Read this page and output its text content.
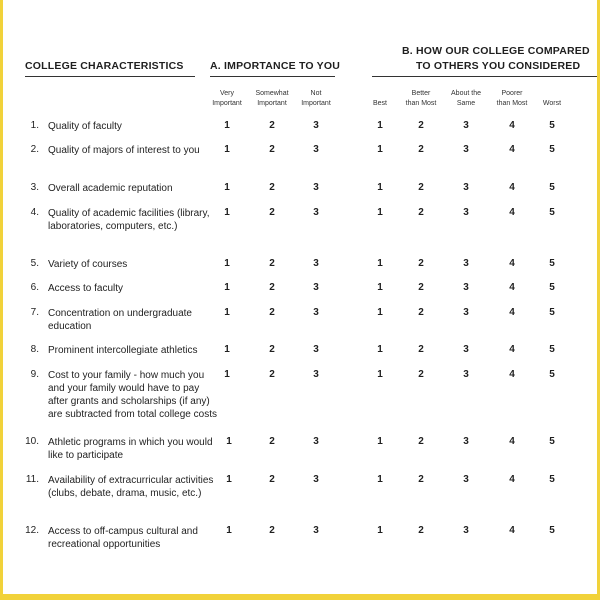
COLLEGE CHARACTERISTICS	A. IMPORTANCE TO YOU
B. HOW OUR COLLEGE COMPARED
TO OTHERS YOU CONSIDERED
Very
Important
Somewhat
Important
Not
Important
	Best
Better
than Most
About the
Same
Poorer
than Most
	Worst
1. Quality of faculty	1	2	3	1	2	3	4	5
2. Quality of majors of interest to you	1	2	3	1	2	3	4	5
3. Overall academic reputation	1	2	3	1	2	3	4	5
4. Quality of academic facilities (library, laboratories, computers, etc.)
1	2	3	1	2	3	4	5
5. Variety of courses	1	2	3	1	2	3	4	5
6. Access to faculty	1	2	3	1	2	3	4	5
7. Concentration on undergraduate education
1	2	3	1	2	3	4	5
8. Prominent intercollegiate athletics	1	2	3	1	2	3	4	5
9. Cost to your family - how much you and your family would have to pay after grants and scholarships (if any) are subtracted from total college costs
1	2	3	1	2	3	4	5
10. Athletic programs in which you would like to participate
1	2	3	1	2	3	4	5
11. Availability of extracurricular activities (clubs, debate, drama, music, etc.)
1	2	3	1	2	3	4	5
12. Access to off-campus cultural and recreational opportunities
1	2	3	1	2	3	4	5
